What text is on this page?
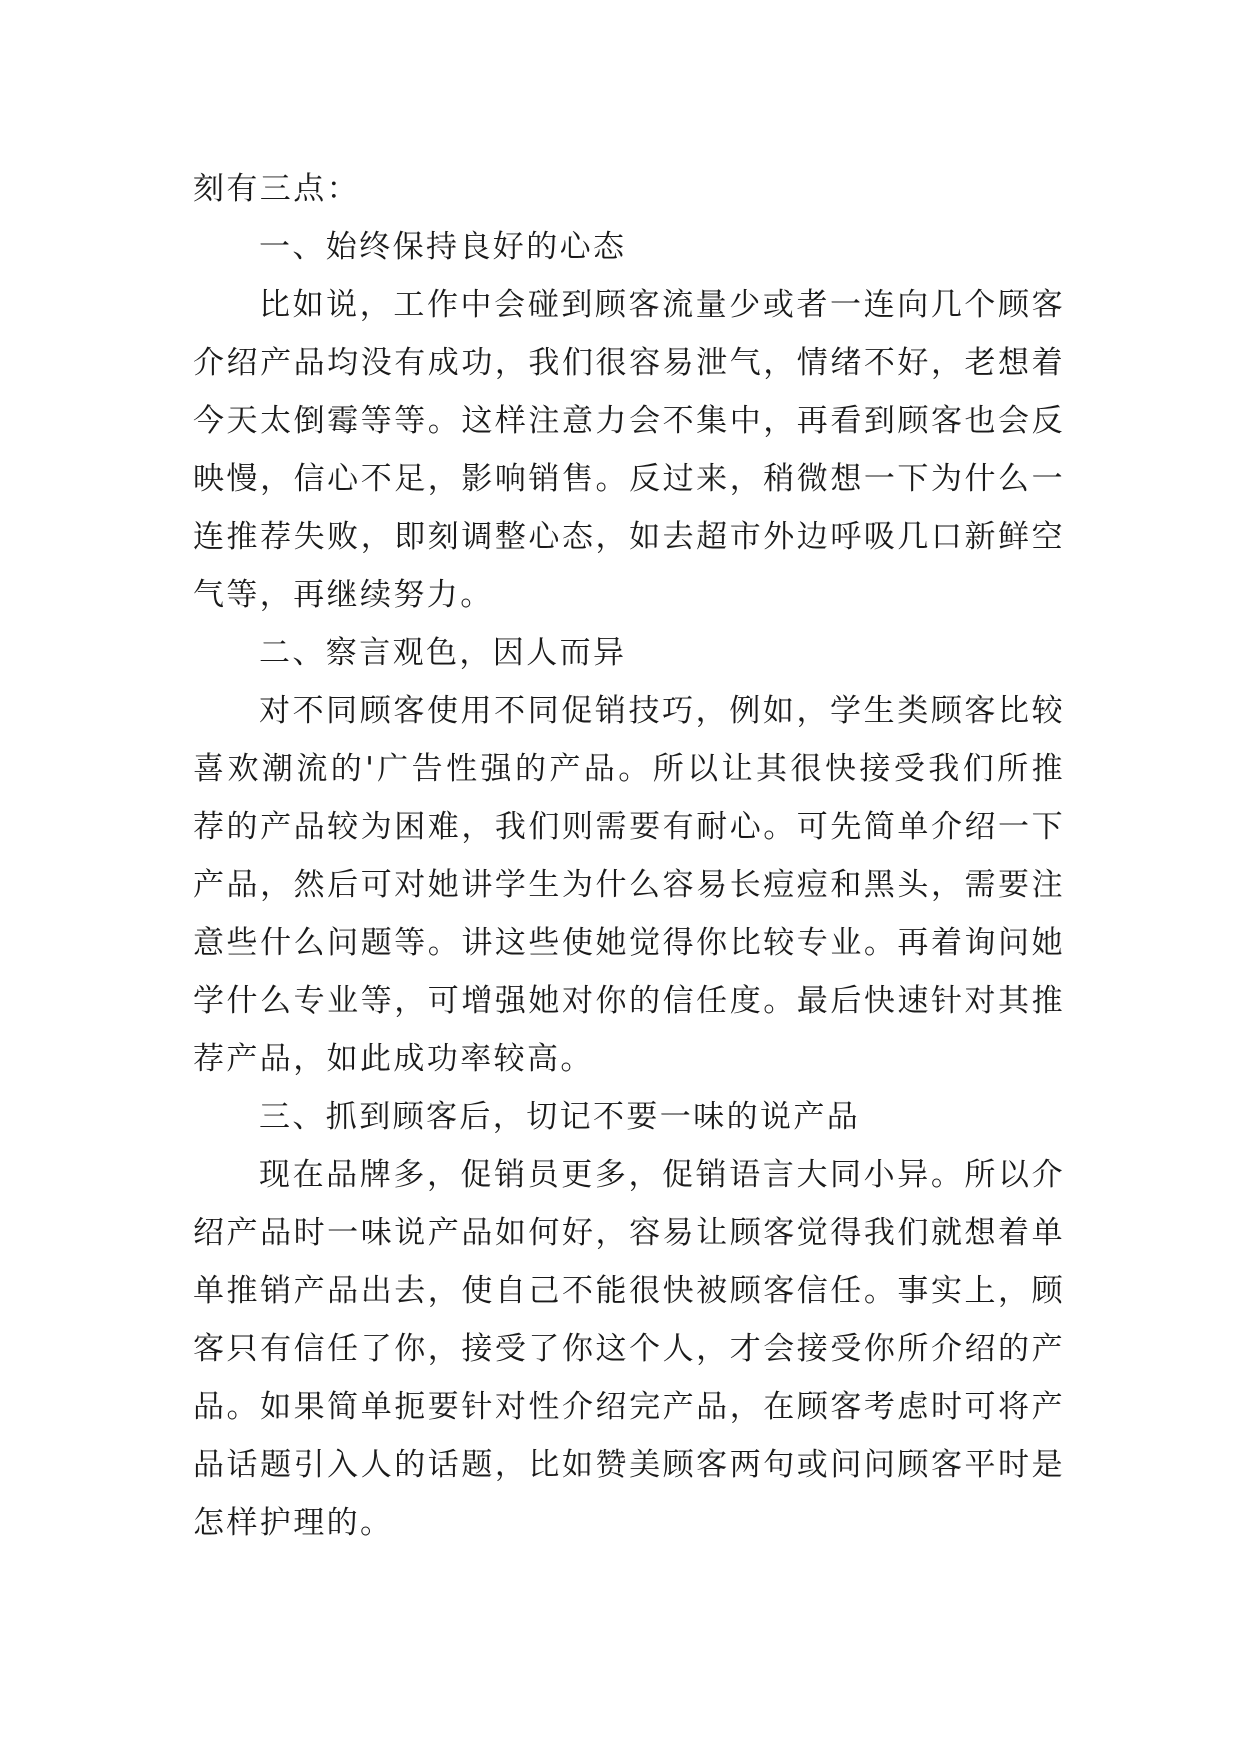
刻有三点：

一、始终保持良好的心态

比如说，工作中会碰到顾客流量少或者一连向几个顾客介绍产品均没有成功，我们很容易泄气，情绪不好，老想着今天太倒霉等等。这样注意力会不集中，再看到顾客也会反映慢，信心不足，影响销售。反过来，稍微想一下为什么一连推荐失败，即刻调整心态，如去超市外边呼吸几口新鲜空气等，再继续努力。

二、察言观色，因人而异

对不同顾客使用不同促销技巧，例如，学生类顾客比较喜欢潮流的'广告性强的产品。所以让其很快接受我们所推荐的产品较为困难，我们则需要有耐心。可先简单介绍一下产品，然后可对她讲学生为什么容易长痘痘和黑头，需要注意些什么问题等。讲这些使她觉得你比较专业。再着询问她学什么专业等，可增强她对你的信任度。最后快速针对其推荐产品，如此成功率较高。

三、抓到顾客后，切记不要一味的说产品

现在品牌多，促销员更多，促销语言大同小异。所以介绍产品时一味说产品如何好，容易让顾客觉得我们就想着单单推销产品出去，使自己不能很快被顾客信任。事实上，顾客只有信任了你，接受了你这个人，才会接受你所介绍的产品。如果简单扼要针对性介绍完产品，在顾客考虑时可将产品话题引入人的话题，比如赞美顾客两句或问问顾客平时是怎样护理的。
